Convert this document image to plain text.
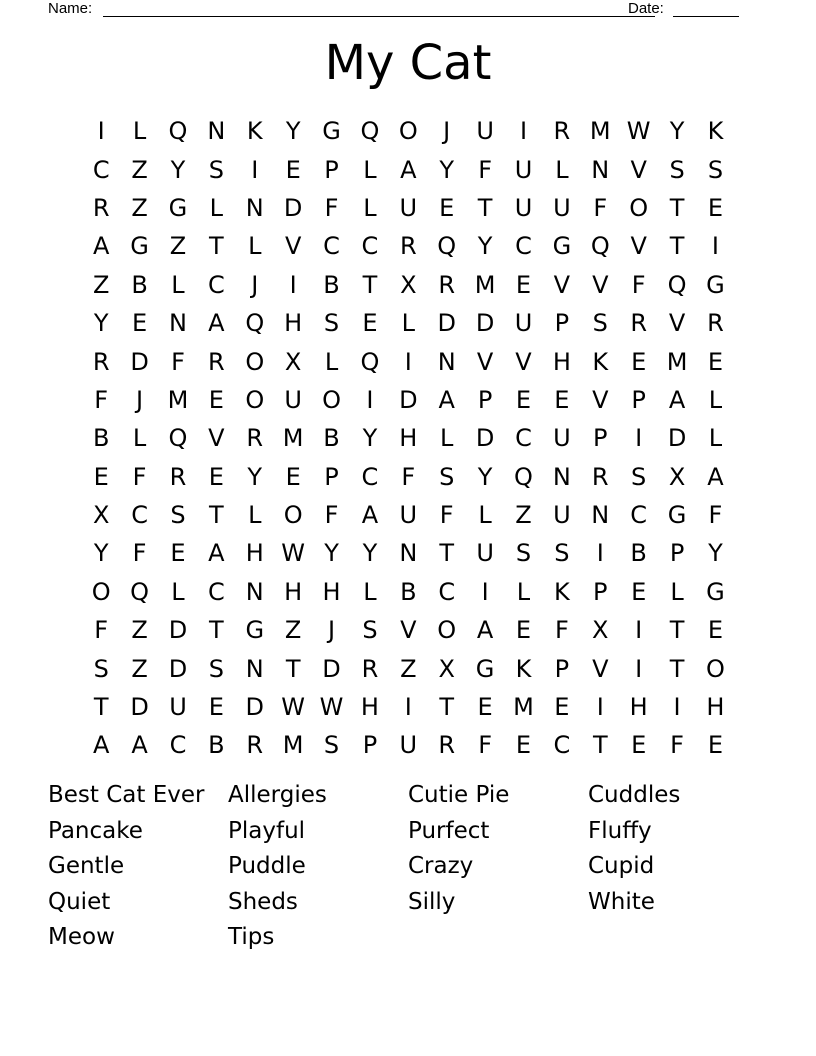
Name:	Date:
My Cat
I	L Q N K Y G Q O	J	U	I	R M W Y K
C Z Y S	I	E P	L A Y	F U L N V S S
R Z G L N D F	L U E T U U F O T E
A G Z T	L V C C R Q Y C G Q V T	I
Z B L C	J	I	B T X R M E V V F Q G
Y E N A Q H S E	L D D U P S R V R
R D F R O X L Q	I	N V V H K E M E
F	J	M E O U O	I	D A P E E V P A L
B L Q V R M B Y H L D C U P	I	D L
E F R E Y E P C F S Y Q N R S X A
X C S T	L O F A U F	L Z U N C G F
Y	F E A H W Y Y N T U S S	I	B P Y
O Q L C N H H L B C	I	L K P E	L G
F Z D T G Z	J	S V O A E F X	I	T E
S Z D S N T D R Z X G K P V	I	T O
T D U E D W W H	I	T E M E	I	H	I	H
A A C B R M S P U R F E C T E F E
Best Cat Ever	Allergies	Cutie Pie	Cuddles
Pancake	Playful	Purfect	Fluffy
Gentle	Puddle	Crazy	Cupid
Quiet	Sheds	Silly	White
Meow	Tips
